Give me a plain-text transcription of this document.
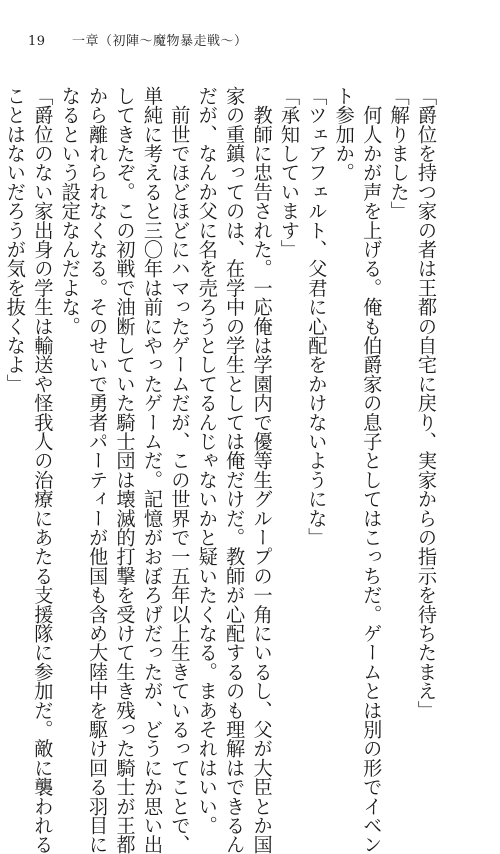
19 一章（初陣〜魔物暴走戦〜）
「爵位を持つ家の者は王都の自宅に戻り、実家からの指示を待ちたまえ」
「解りました」
　何人かが声を上げる。俺も伯爵家の息子としてはこっちだ。ゲームとは別の形でイベン
ト参加か。
「ツェアフェルト、父君に心配をかけないようにな」
「承知しています」
　教師に忠告された。一応俺は学園内で優等生グループの一角にいるし、父が大臣とか国
家の重鎮ってのは、在学中の学生としては俺だけだ。教師が心配するのも理解はできるん
だが、なんか父に名を売ろうとしてるんじゃないかと疑いたくなる。まあそれはいい。
　前世でほどほどにハマったゲームだが、この世界で一五年以上生きているってことで、
単純に考えると三〇年は前にやったゲームだ。記憶がおぼろげだったが、どうにか思い出
してきたぞ。この初戦で油断していた騎士団は壊滅的打撃を受けて生き残った騎士が王都
から離れられなくなる。そのせいで勇者パーティーが他国も含め大陸中を駆け回る羽目に
なるという設定なんだよな。
「爵位のない家出身の学生は輸送や怪我人の治療にあたる支援隊に参加だ。敵に襲われる
ことはないだろうが気を抜くなよ」
